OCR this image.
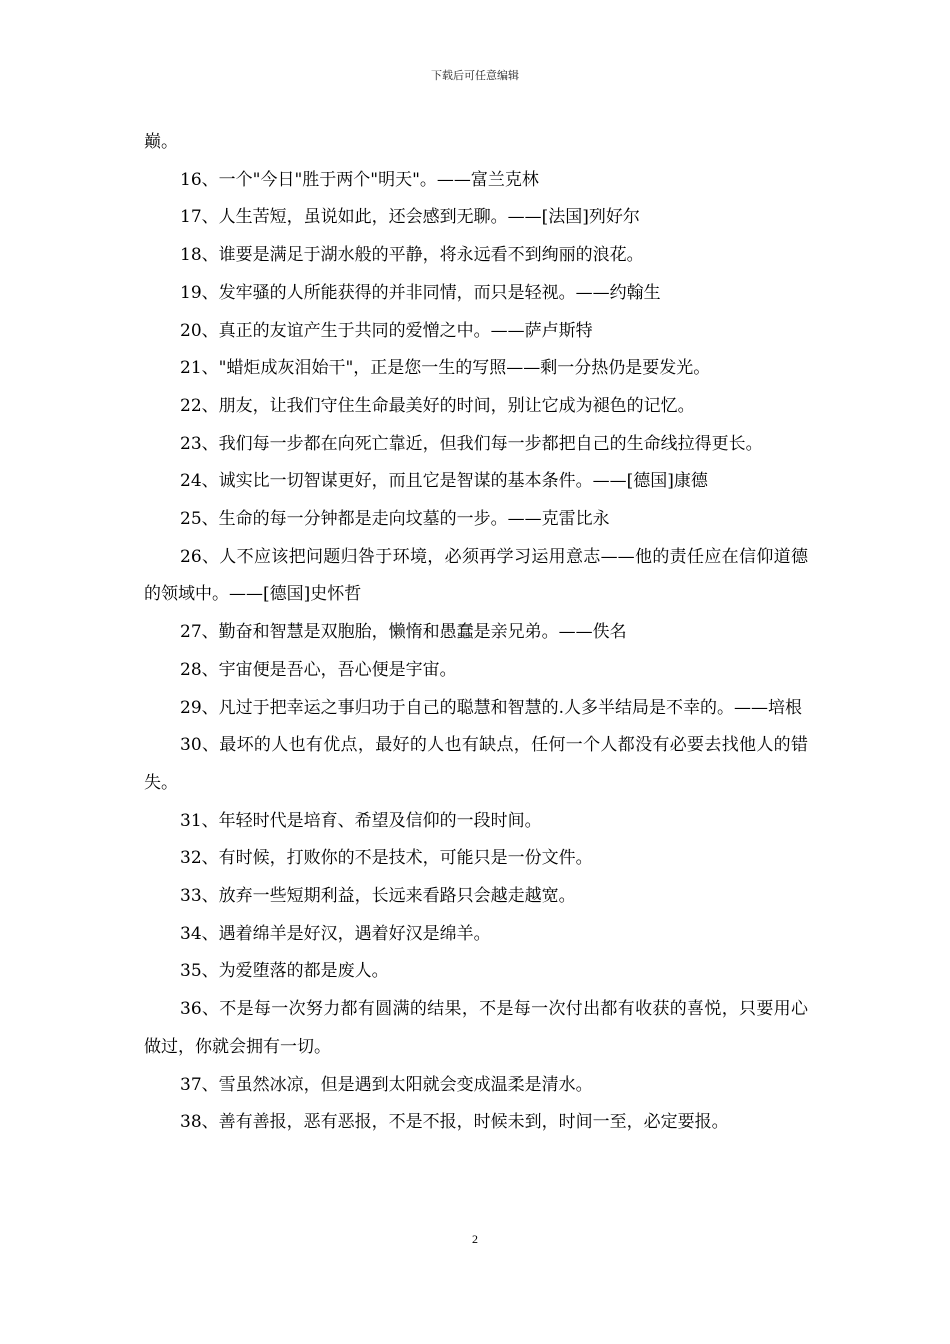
下载后可任意编辑

巅。

16、一个"今日"胜于两个"明天"。——富兰克林

17、人生苦短，虽说如此，还会感到无聊。——[法国]列好尔

18、谁要是满足于湖水般的平静，将永远看不到绚丽的浪花。

19、发牢骚的人所能获得的并非同情，而只是轻视。——约翰生

20、真正的友谊产生于共同的爱憎之中。——萨卢斯特

21、"蜡炬成灰泪始干"，正是您一生的写照——剩一分热仍是要发光。

22、朋友，让我们守住生命最美好的时间，别让它成为褪色的记忆。

23、我们每一步都在向死亡靠近，但我们每一步都把自己的生命线拉得更长。

24、诚实比一切智谋更好，而且它是智谋的基本条件。——[德国]康德

25、生命的每一分钟都是走向坟墓的一步。——克雷比永

26、人不应该把问题归咎于环境，必须再学习运用意志——他的责任应在信仰道德的领域中。——[德国]史怀哲

27、勤奋和智慧是双胞胎，懒惰和愚蠢是亲兄弟。——佚名

28、宇宙便是吾心，吾心便是宇宙。

29、凡过于把幸运之事归功于自己的聪慧和智慧的.人多半结局是不幸的。——培根

30、最坏的人也有优点，最好的人也有缺点，任何一个人都没有必要去找他人的错失。

31、年轻时代是培育、希望及信仰的一段时间。

32、有时候，打败你的不是技术，可能只是一份文件。

33、放弃一些短期利益，长远来看路只会越走越宽。

34、遇着绵羊是好汉，遇着好汉是绵羊。

35、为爱堕落的都是废人。

36、不是每一次努力都有圆满的结果，不是每一次付出都有收获的喜悦，只要用心做过，你就会拥有一切。

37、雪虽然冰凉，但是遇到太阳就会变成温柔是清水。

38、善有善报，恶有恶报，不是不报，时候未到，时间一至，必定要报。

2
